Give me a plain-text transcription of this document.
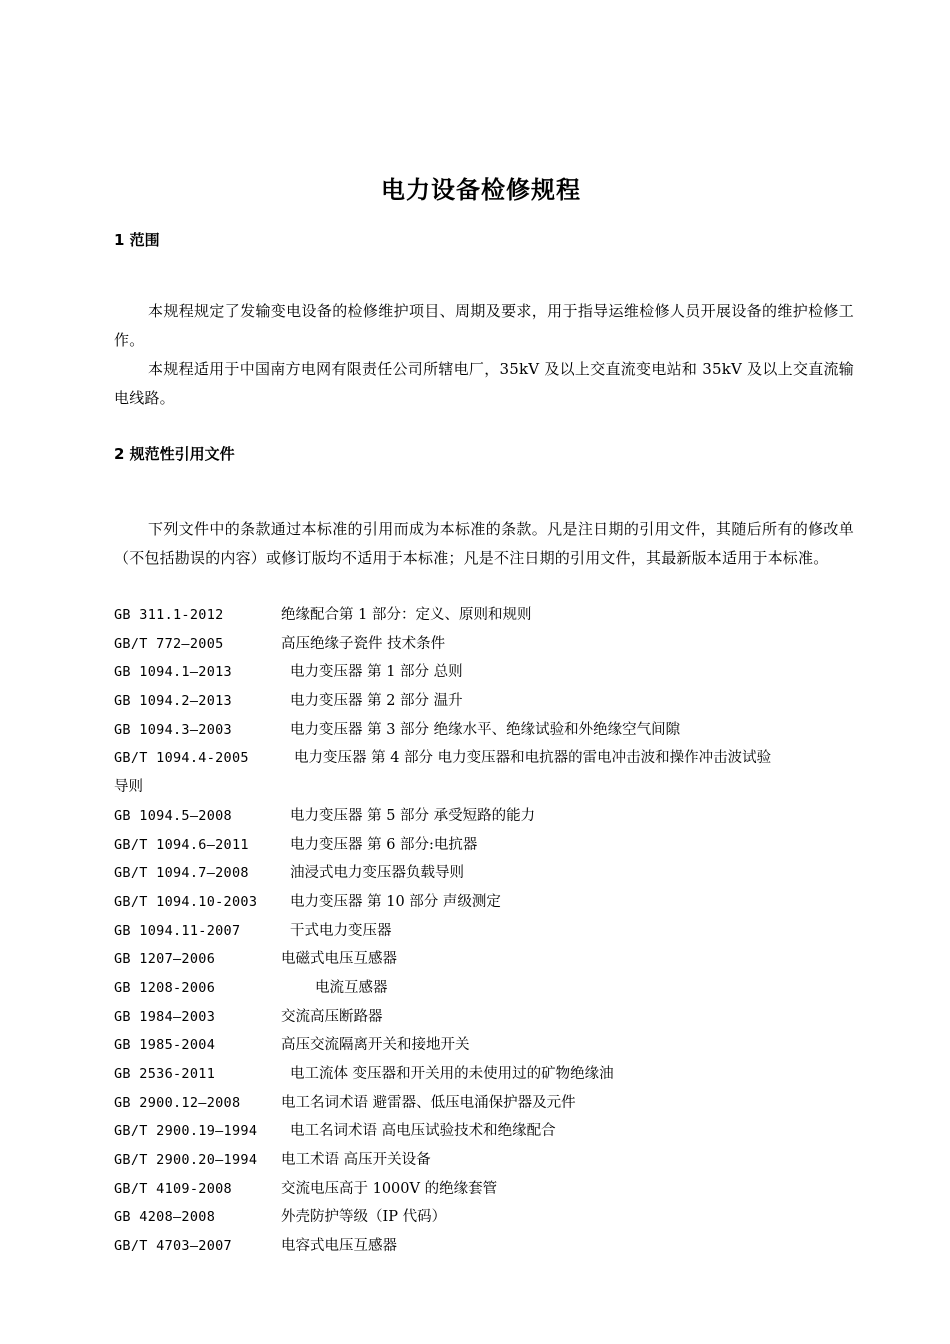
电力设备检修规程
1 范围
本规程规定了发输变电设备的检修维护项目、周期及要求，用于指导运维检修人员开展设备的维护检修工作。
本规程适用于中国南方电网有限责任公司所辖电厂，35kV 及以上交直流变电站和 35kV 及以上交直流输电线路。
2 规范性引用文件
下列文件中的条款通过本标准的引用而成为本标准的条款。凡是注日期的引用文件，其随后所有的修改单（不包括勘误的内容）或修订版均不适用于本标准；凡是不注日期的引用文件，其最新版本适用于本标准。
GB 311.1-2012	绝缘配合第 1 部分：定义、原则和规则
GB/T 772—2005	高压绝缘子瓷件 技术条件
GB 1094.1—2013	电力变压器 第 1 部分 总则
GB 1094.2—2013	电力变压器 第 2 部分 温升
GB 1094.3—2003	电力变压器 第 3 部分 绝缘水平、绝缘试验和外绝缘空气间隙
GB/T 1094.4-2005	电力变压器 第 4 部分 电力变压器和电抗器的雷电冲击波和操作冲击波试验
导则
GB 1094.5—2008	电力变压器 第 5 部分 承受短路的能力
GB/T 1094.6—2011	电力变压器 第 6 部分:电抗器
GB/T 1094.7—2008	油浸式电力变压器负载导则
GB/T 1094.10-2003	电力变压器 第 10 部分 声级测定
GB 1094.11-2007	干式电力变压器
GB 1207—2006	电磁式电压互感器
GB 1208-2006	电流互感器
GB 1984—2003	交流高压断路器
GB 1985-2004	高压交流隔离开关和接地开关
GB 2536-2011	电工流体 变压器和开关用的未使用过的矿物绝缘油
GB 2900.12—2008	电工名词术语 避雷器、低压电涌保护器及元件
GB/T 2900.19—1994	电工名词术语 高电压试验技术和绝缘配合
GB/T 2900.20—1994	电工术语 高压开关设备
GB/T 4109-2008	交流电压高于 1000V 的绝缘套管
GB 4208—2008	外壳防护等级（IP 代码）
GB/T 4703—2007	电容式电压互感器
